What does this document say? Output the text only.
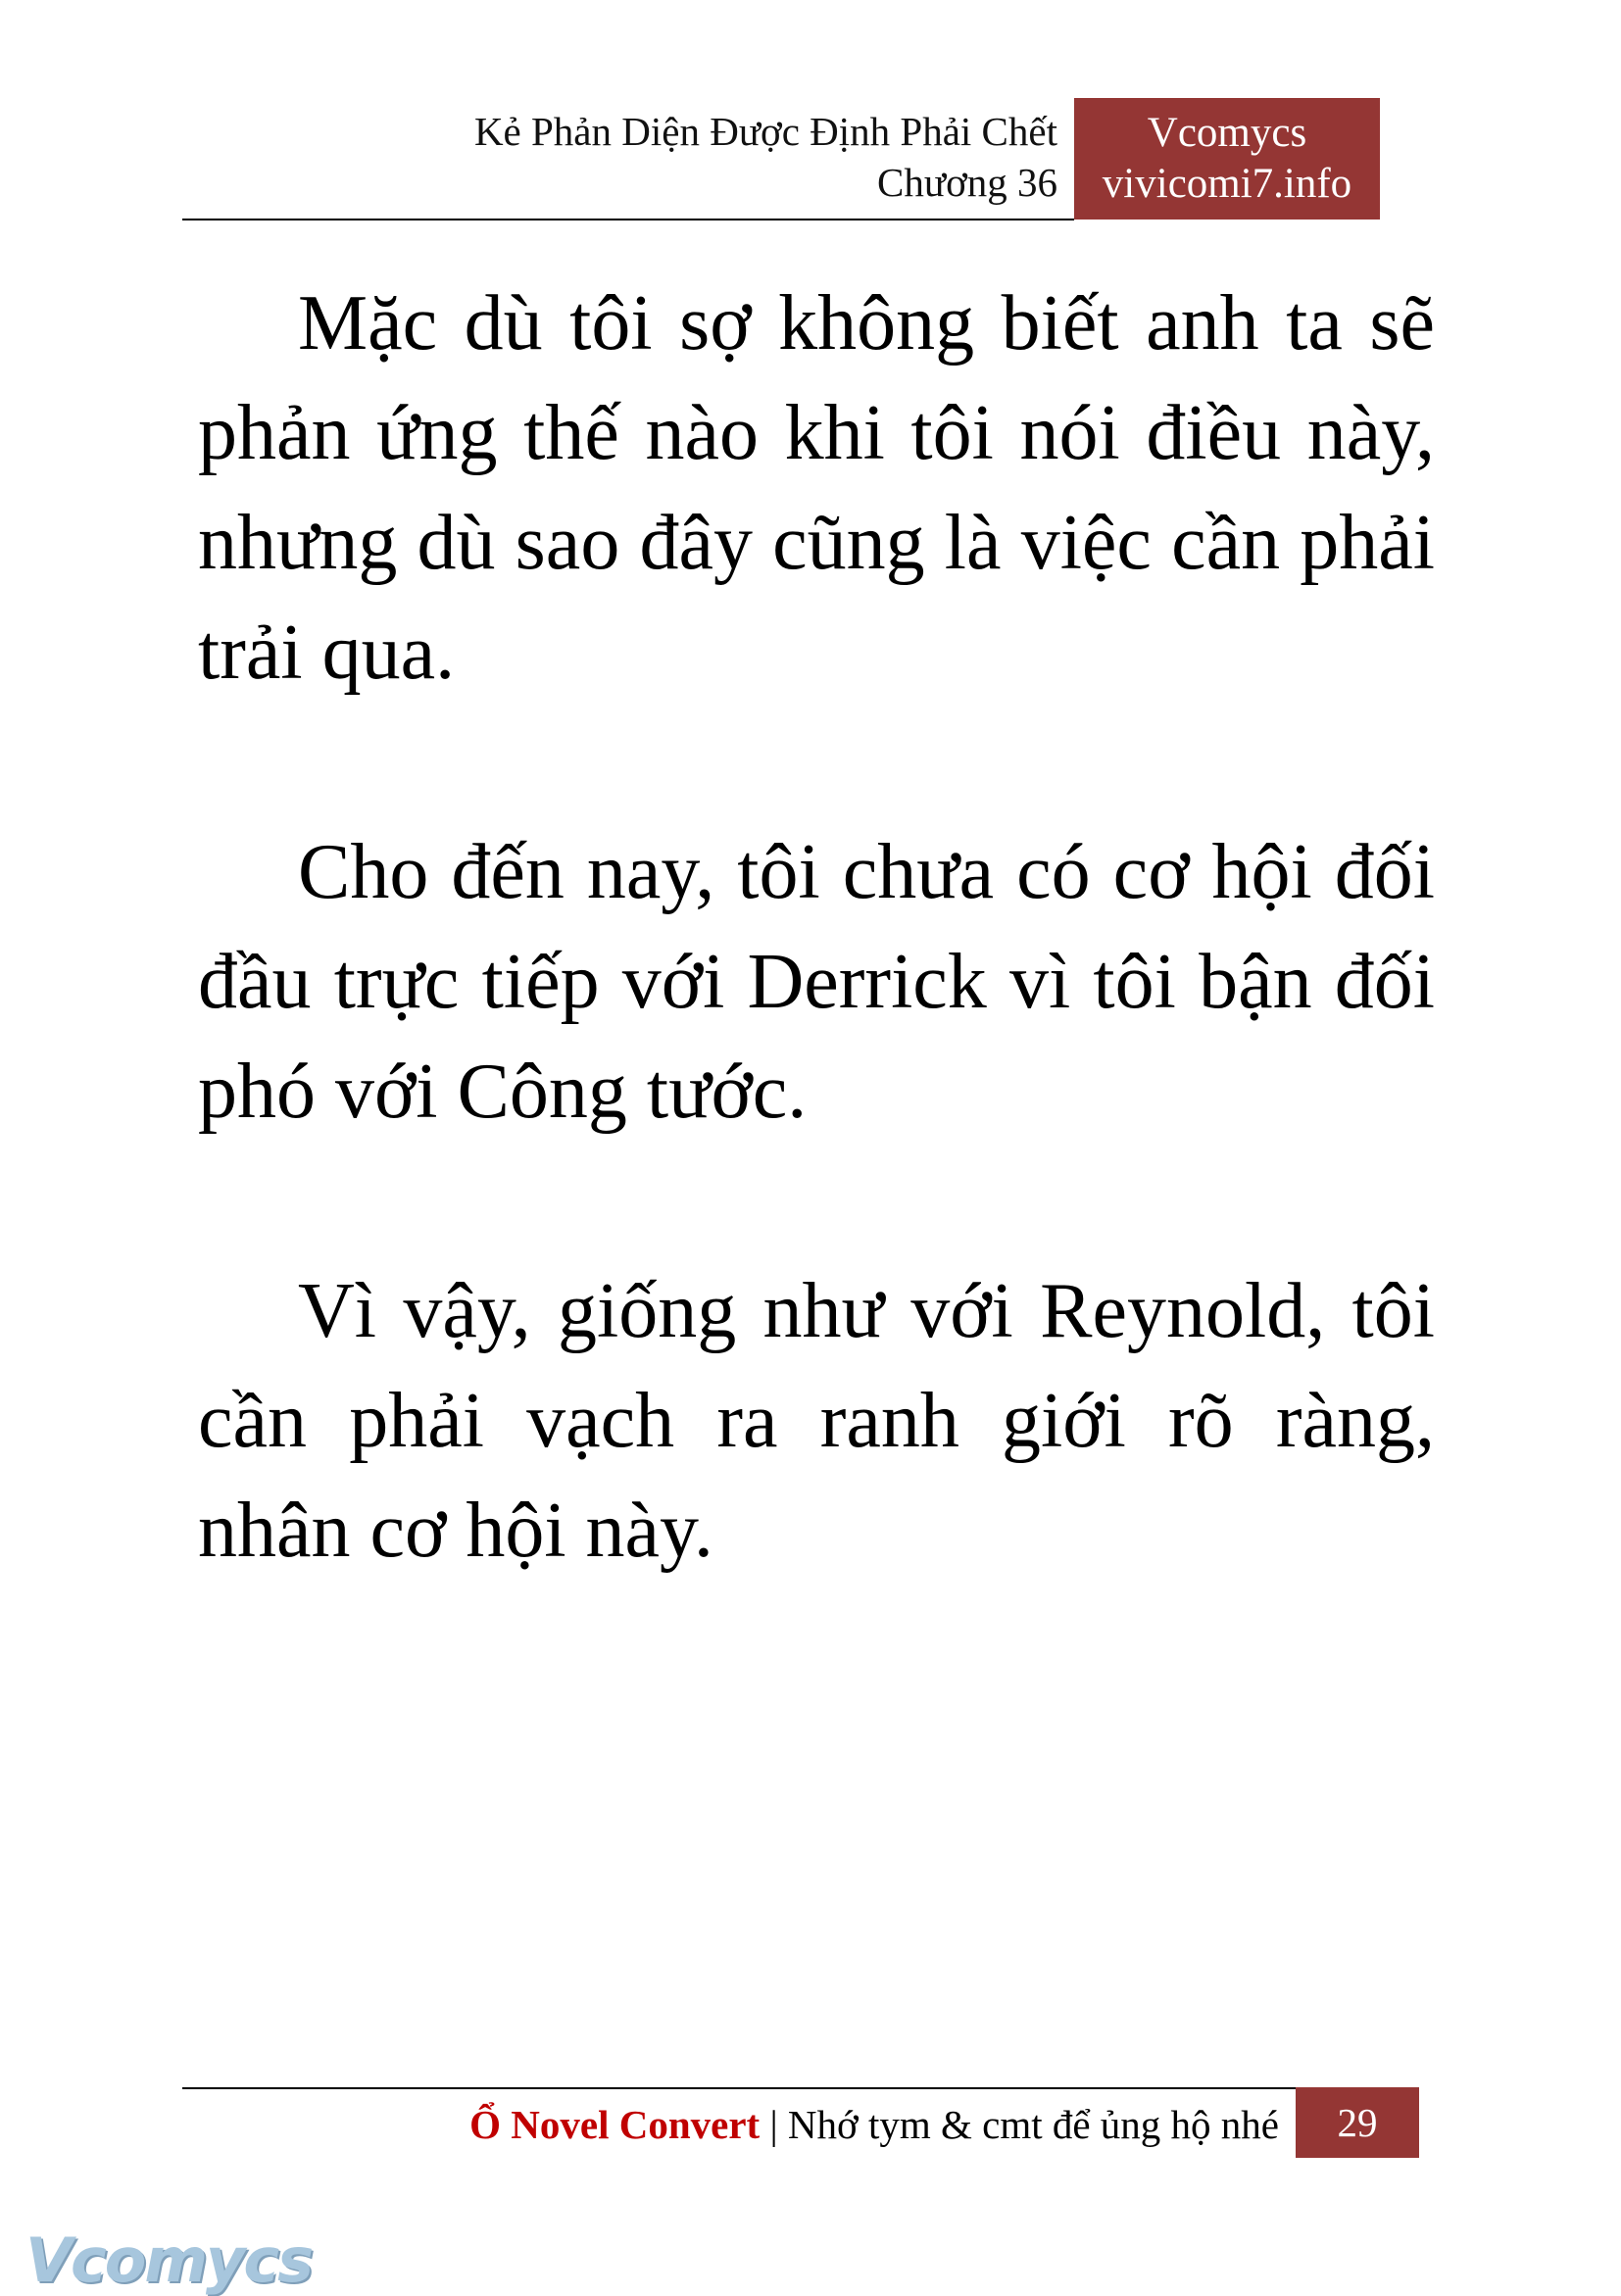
Kẻ Phản Diện Được Định Phải Chết
Chương 36
Vcomycs
vivicomi7.info

Mặc dù tôi sợ không biết anh ta sẽ phản ứng thế nào khi tôi nói điều này, nhưng dù sao đây cũng là việc cần phải trải qua.

Cho đến nay, tôi chưa có cơ hội đối đầu trực tiếp với Derrick vì tôi bận đối phó với Công tước.

Vì vậy, giống như với Reynold, tôi cần phải vạch ra ranh giới rõ ràng, nhân cơ hội này.

Ổ Novel Convert | Nhớ tym & cmt để ủng hộ nhé	29
Vcomycs
